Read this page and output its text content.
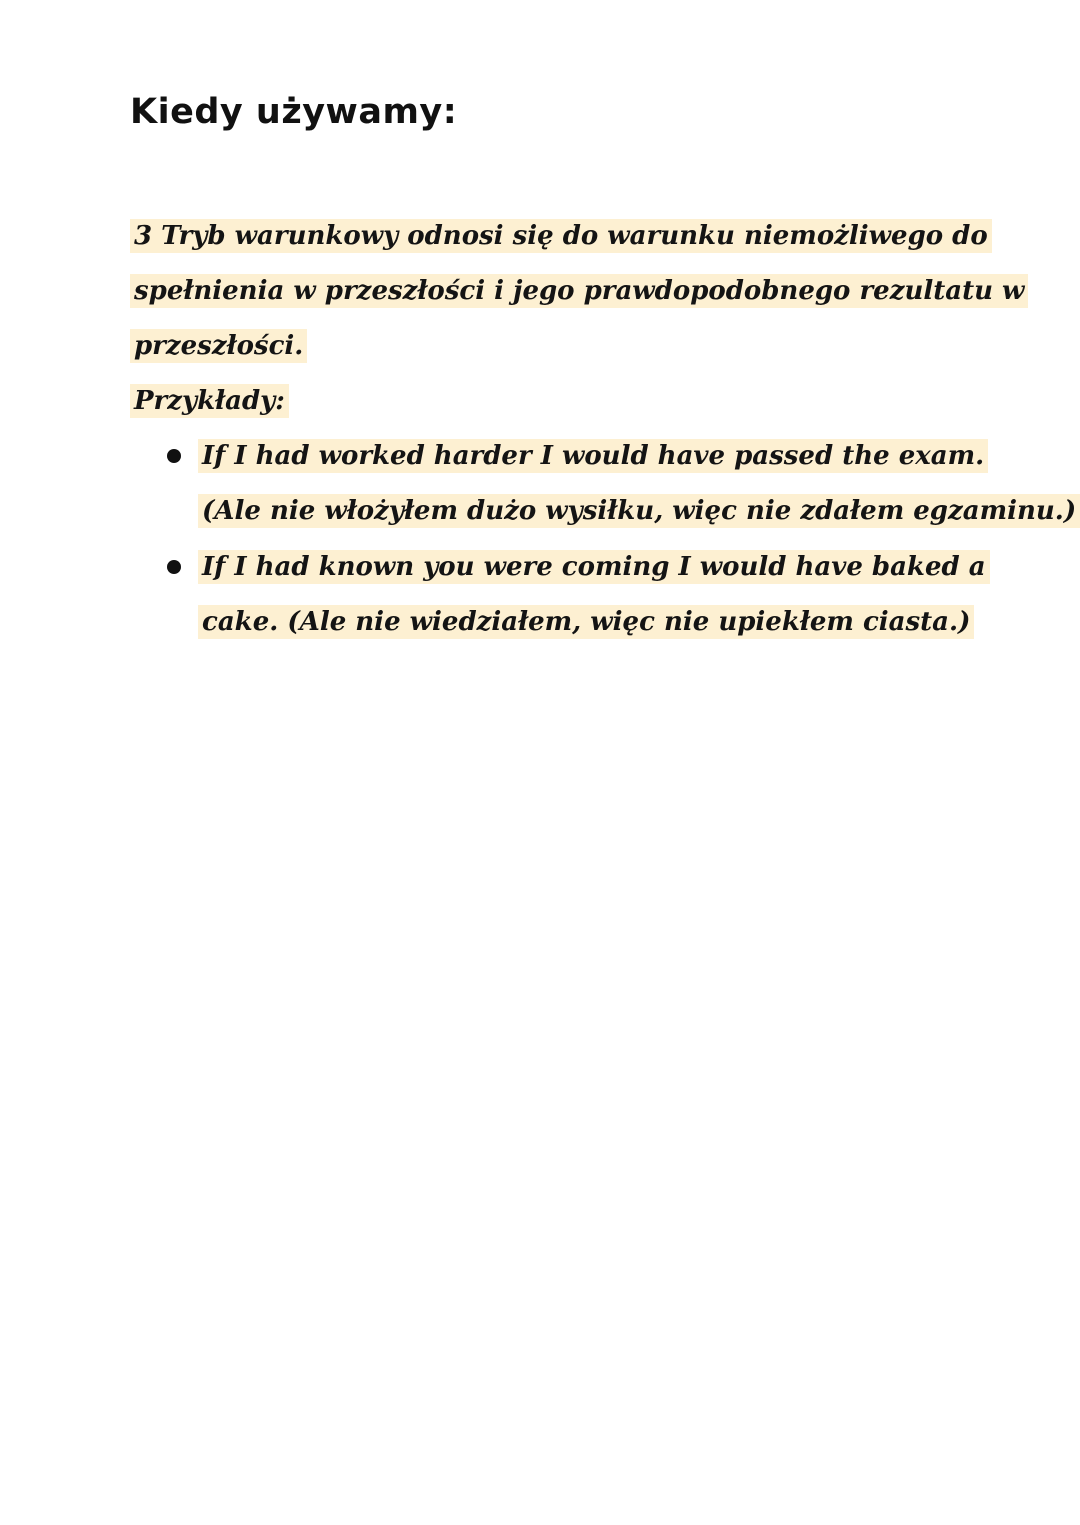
Kiedy używamy:
3 Tryb warunkowy odnosi się do warunku niemożliwego do
spełnienia w przeszłości i jego prawdopodobnego rezultatu w
przeszłości.
Przykłady:
If I had worked harder I would have passed the exam.
(Ale nie włożyłem dużo wysiłku, więc nie zdałem egzaminu.)
If I had known you were coming I would have baked a
cake. (Ale nie wiedziałem, więc nie upiekłem ciasta.)
